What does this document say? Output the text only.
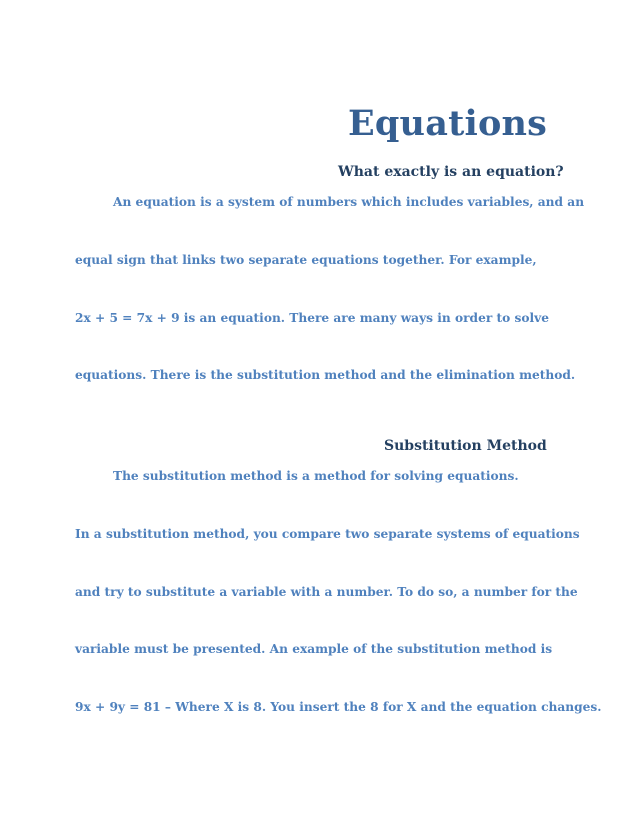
Equations
What exactly is an equation?
An equation is a system of numbers which includes variables, and an
equal sign that links two separate equations together. For example,
2x + 5 = 7x + 9 is an equation. There are many ways in order to solve
equations. There is the substitution method and the elimination method.
Substitution Method
The substitution method is a method for solving equations.
In a substitution method, you compare two separate systems of equations
and try to substitute a variable with a number. To do so, a number for the
variable must be presented. An example of the substitution method is
9x + 9y = 81 – Where X is 8. You insert the 8 for X and the equation changes.
